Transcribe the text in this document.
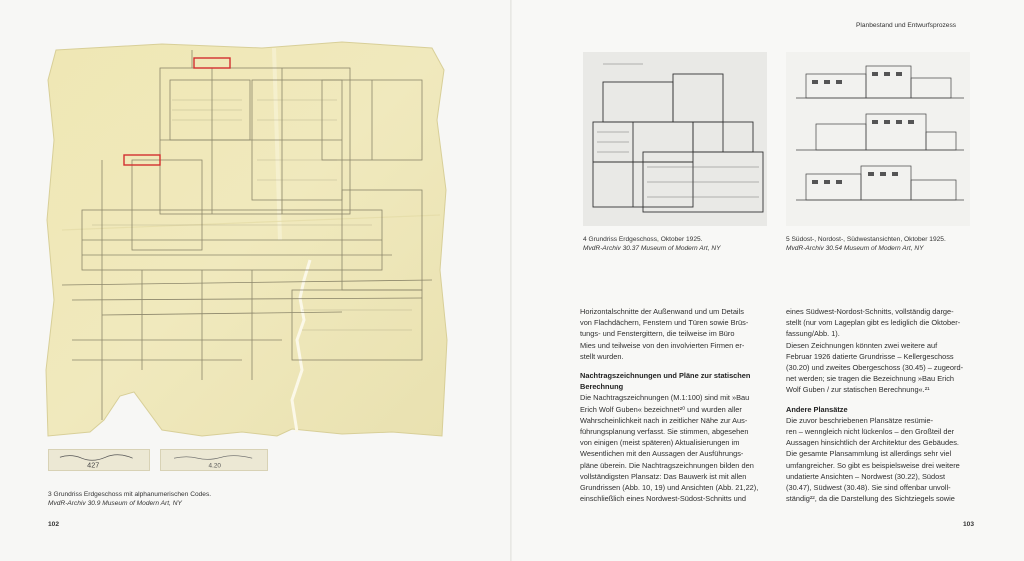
427	4.20
3 Grundriss Erdgeschoss mit alphanumerischen Codes.
MvdR-Archiv 30.9 Museum of Modern Art, NY
102
Planbestand und Entwurfsprozess
4 Grundriss Erdgeschoss, Oktober 1925.
MvdR-Archiv 30.37 Museum of Modern Art, NY
5 Südost-, Nordost-, Südwestansichten, Oktober 1925.
MvdR-Archiv 30.54 Museum of Modern Art, NY
Horizontalschnitte der Außenwand und um Details
von Flachdächern, Fenstern und Türen sowie Brüs-
tungs- und Fenstergittern, die teilweise im Büro
Mies und teilweise von den involvierten Firmen er-
stellt wurden.
Nachtragszeichnungen und Pläne zur statischen
Berechnung
Die Nachtragszeichnungen (M.1:100) sind mit »Bau
Erich Wolf Guben« bezeichnet²⁰ und wurden aller
Wahrscheinlichkeit nach in zeitlicher Nähe zur Aus-
führungsplanung verfasst. Sie stimmen, abgesehen
von einigen (meist späteren) Aktualisierungen im
Wesentlichen mit den Aussagen der Ausführungs-
pläne überein. Die Nachtragszeichnungen bilden den
vollständigsten Plansatz: Das Bauwerk ist mit allen
Grundrissen (Abb. 10, 19) und Ansichten (Abb. 21,22),
einschließlich eines Nordwest-Südost-Schnitts und
eines Südwest-Nordost-Schnitts, vollständig darge-
stellt (nur vom Lageplan gibt es lediglich die Oktober-
fassung/Abb. 1).
Diesen Zeichnungen könnten zwei weitere auf
Februar 1926 datierte Grundrisse – Kellergeschoss
(30.20) und zweites Obergeschoss (30.45) – zugeord-
net werden; sie tragen die Bezeichnung »Bau Erich
Wolf Guben / zur statischen Berechnung«.²¹
Andere Plansätze
Die zuvor beschriebenen Plansätze resümie-
ren – wenngleich nicht lückenlos – den Großteil der
Aussagen hinsichtlich der Architektur des Gebäudes.
Die gesamte Plansammlung ist allerdings sehr viel
umfangreicher. So gibt es beispielsweise drei weitere
undatierte Ansichten – Nordwest (30.22), Südost
(30.47), Südwest (30.48). Sie sind offenbar unvoll-
ständig²², da die Darstellung des Sichtziegels sowie
103
